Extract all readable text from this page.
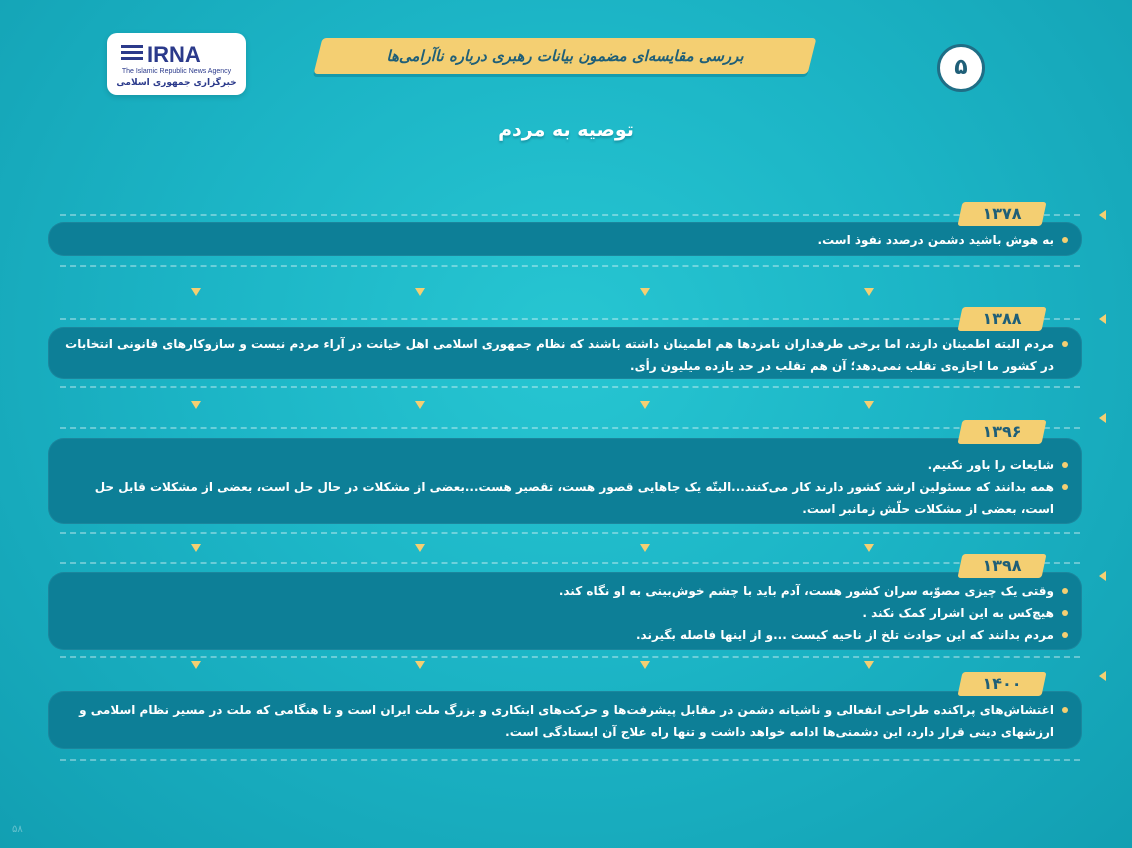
IRNA
The Islamic Republic News Agency
خبرگزاری جمهوری اسلامی
بررسی مقایسه‌ای مضمون بیانات رهبری درباره ناآرامی‌ها	۵
توصیه به مردم
به هوش باشید دشمن درصدد نفوذ است.
۱۳۷۸
مردم البته اطمینان دارند، اما برخی طرفداران نامزدها هم اطمینان داشته باشند که نظام جمهوری اسلامی اهل خیانت در آراء مردم نیست و سازوکارهای قانونی انتخابات در کشور ما اجازه‌ی تقلب نمی‌دهد؛ آن هم تقلب در حد یازده میلیون رأی.
۱۳۸۸
شایعات را باور نکنیم.
همه بدانند که مسئولین ارشد کشور دارند کار می‌کنند...البتّه یک جاهایی قصور هست، تقصیر هست...بعضی از مشکلات در حال حل است، بعضی از مشکلات قابل حل است، بعضی از مشکلات حلّش زمانبر است.
۱۳۹۶
وقتی یک چیزی مصوّبه سران کشور هست، آدم باید با چشم خوش‌بینی به او نگاه کند.
هیچ‌کس به این اشرار کمک نکند .
مردم بدانند که این حوادث تلخ از ناحیه کیست ...و از اینها فاصله بگیرند.
۱۳۹۸
اغتشاش‌های پراکنده طراحی انفعالی و ناشیانه دشمن در مقابل پیشرفت‌ها و حرکت‌های ابتکاری و بزرگ ملت ایران است و تا هنگامی که ملت در مسیر نظام اسلامی و ارزشهای دینی قرار دارد، این دشمنی‌ها ادامه خواهد داشت و تنها راه علاج آن ایستادگی است.
۱۴۰۰
۵۸
